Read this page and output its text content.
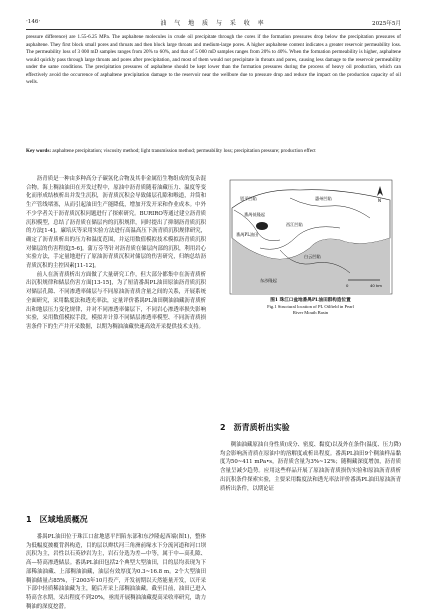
·146·	油 气 地 质 与 采 收 率	2025年5月
pressure difference) are 1.55-6.25 MPa. The asphaltene molecules in crude oil precipitate through the cores if the formation pressures drop below the precipitation pressures of asphaltene. They first block small pores and throats and then block large throats and medium-large pores. A higher asphaltene content indicates a greater reservoir permeability loss. The permeability loss of 3 000 mD samples ranges from 20% to 60%, and that of 5 000 mD samples ranges from 20% to 40%. When the formation permeability is higher, asphaltene would quickly pass through large throats and pores after precipitation, and most of them would not precipitate in throats and pores, causing less damage to the reservoir permeability under the same conditions. The precipitation pressures of asphaltene should be kept lower than the formation pressures during the process of heavy oil production, which can effectively avoid the occurrence of asphaltene precipitation damage to the reservoir near the wellbore due to pressure drop and reduce the impact on the production capacity of oil wells.
Key words: asphaltene precipitation; viscosity method; light transmission method; permeability loss; precipitation pressure; production effect

沥青质是一种由多种高分子碳氢化合物及其非金属衍生物组成的复杂混合物。海上稠油油田在开发过程中，原油中沥青质随着油藏压力、温度等变化而形成结核析出并发生沉积，沥青质沉积会导致储层孔隙和喉道，并筒和生产管线堵塞，从而引起油田生产能降低，增加开发开采和作业成本。中外不少学者关于沥青质沉积问题进行了探索研究。BURIRO等通过建立沥青质沉积模型，总结了沥青质在储层内的沉积规律，同时提出了抑制沥青质沉积的方法[1-4]。廉培庆等采用实验方法进行高温高压下沥青质沉积规律研究，确定了沥青质析出的压力和温度范围，并运用数值模拟技术模拟沥青质沉积对储层的伤害程度[5-6]。蒲万芬等针对沥青质在储层内部的沉积，利用岩心实验方法，手定量地进行了原油沥青质沉积对储层的伤害研究，归纳总结沥青质沉积的主控因素[11-12]。

前人在沥青质析出方面做了大量研究工作，但大部分都集中在沥青质析出沉积规律和储层伤害方面[13-15]，为了厘清番禺PL油田原油沥青质沉积对储层孔隙、不同渗透率储层与不同原油沥青质含量之间的关系，开展系统全面研究，采用黏度法和透光率法，定量评价番禺PL油田稠油油藏沥青质析出和地层压力变化规律，并对不同渗透率储层下，不同岩心渗透率损失影响实验，采用数值模拟手段，模拟并计算不同储层渗透率模型、不同沥青质损害条件下的生产井开采数据，以期为稠油油藏快速高效开采提供技术支持。

1  区域地质概况

番禺PL油田位于珠江口盆地恩平凹陷东部和东沙隆起西端(图1)，整体为低幅度披覆背斜构造，目的层以辫状河三角洲前缘水下分流河道和河口坝沉积为主，岩性以石英砂岩为主，岩石分选为差—中等，属于中—高孔隙、高—特高渗透储层。番禺PL油田包括2个典型大型油田，目的层均表现为下部稀油油藏、上部稠油油藏，油层有效厚度为0.3~16.8 m。2个大型油田稠油储量占85%，于2003年10月投产，开发初期以天然能量开发，以开采下部中轻质稀油油藏为主，随后开采上部稠油油藏。截至目前，油田已进入特高含水期，采出程度不到20%，亟需开展稠油油藏提高采收率研究，助力稠油的深度挖潜。

恩平凹陷	惠州凹陷
西江凹陷
番禺低隆起
番禺PL油田
白云凹陷
东沙隆起
0	40 km
N
图1 珠江口盆地番禺PL油田群构造位置
Fig.1 Structural location of PL Oilfield in Pearl
River Mouth Basin

2  沥青质析出实验

稠油油藏原油自身性质(成分、密度、黏度)以及外在条件(温度、压力降)均会影响沥青质在原油中的溶解度或析出程度。番禺PL油田9个稠油样品黏度为50~411 mPa•s，沥青质含量为3%~12%；随稠藏深度增加，沥青质含量呈减少趋势。应用这些样品开展了原油沥青质损伤实验和原油沥青质析出沉积条件探索实验，主要采用黏度法和透光率法评价番禺PL油田原油沥青质析出条件，以期论证
